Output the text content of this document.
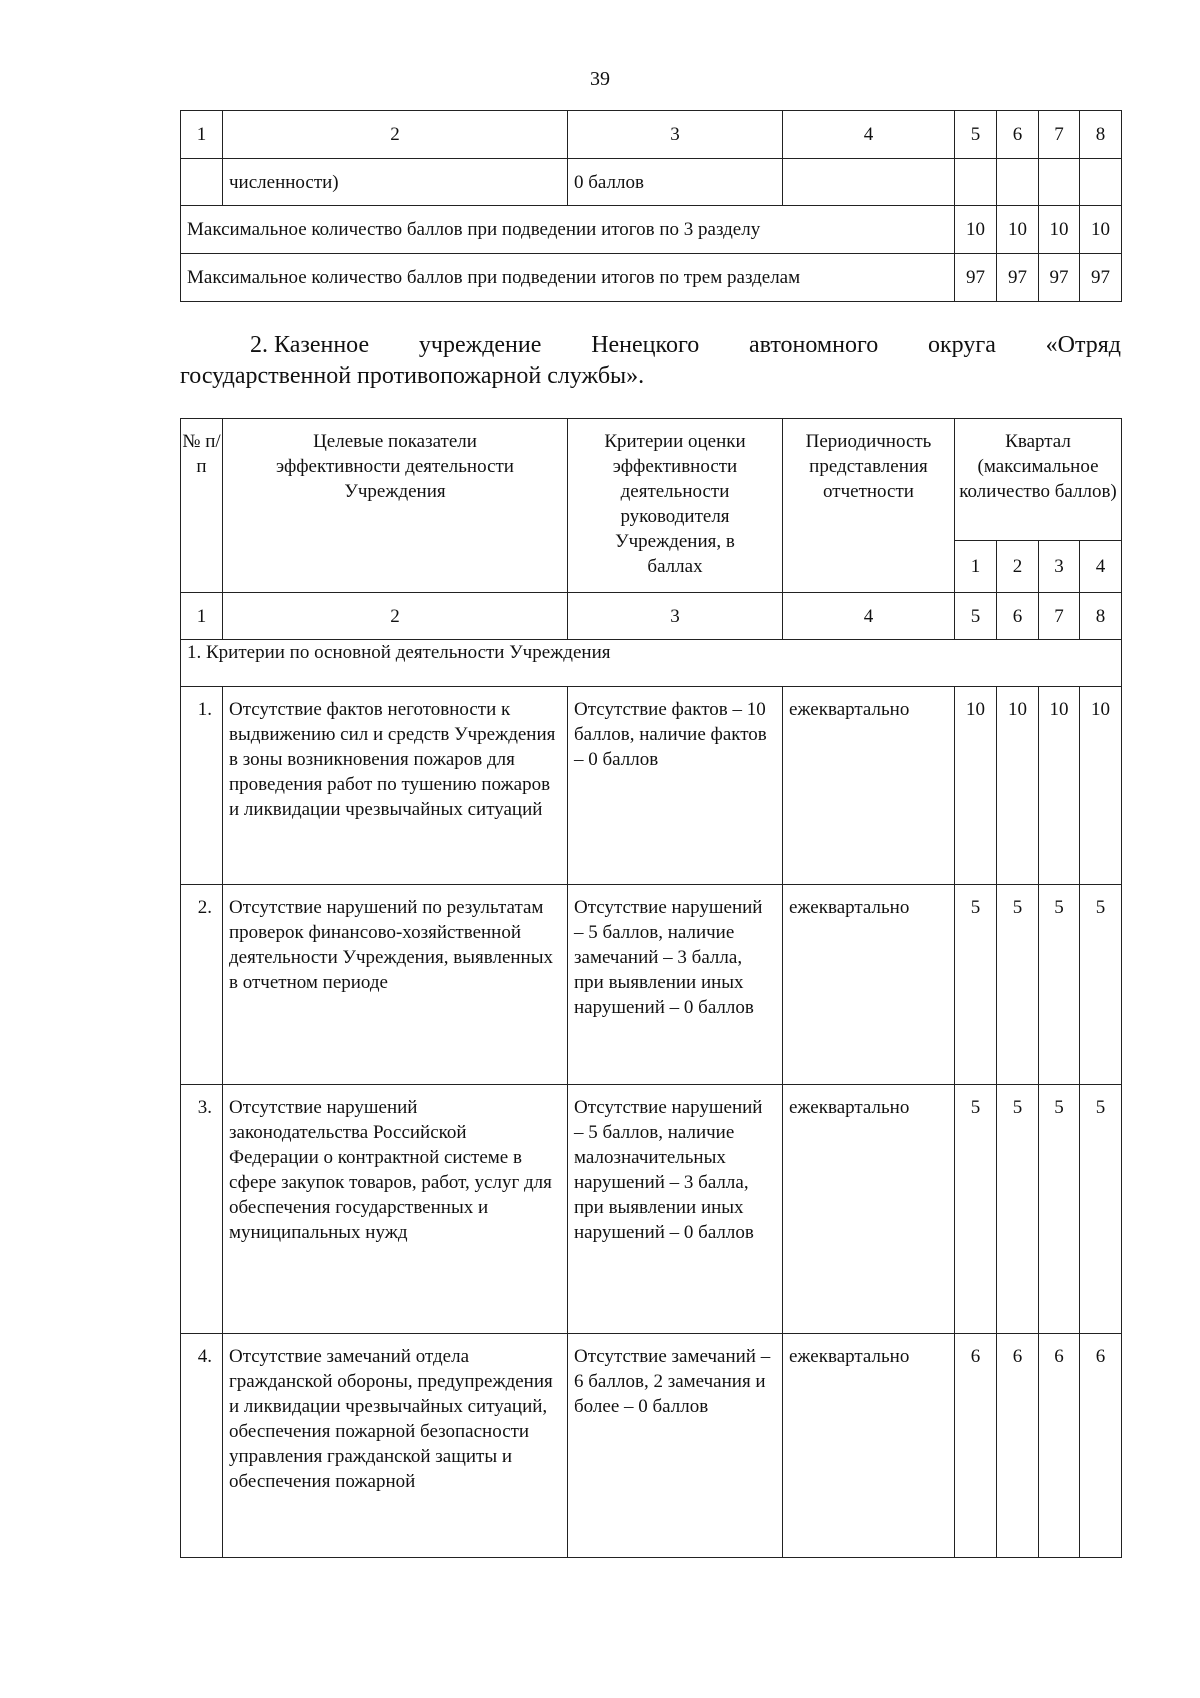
39
1	2	3	4	5	6	7	8
	численности)	0 баллов					
Максимальное количество баллов при подведении итогов по 3 разделу				10	10	10	10
Максимальное количество баллов при подведении итогов по трем разделам				97	97	97	97
2. Казенное учреждение Ненецкого автономного округа «Отряд
государственной противопожарной службы».
№ п/п	Целевые показатели эффективности деятельности Учреждения	Критерии оценки эффективности деятельности руководителя Учреждения, в баллах	Периодичность представления отчетности	Квартал (максимальное количество баллов)			
				1	2	3	4
1	2	3	4	5	6	7	8
1. Критерии по основной деятельности Учреждения							
1.	Отсутствие фактов неготовности к выдвижению сил и средств Учреждения в зоны возникновения пожаров для проведения работ по тушению пожаров и ликвидации чрезвычайных ситуаций	Отсутствие фактов – 10 баллов, наличие фактов – 0 баллов	ежеквартально	10	10	10	10
2.	Отсутствие нарушений по результатам проверок финансово-хозяйственной деятельности Учреждения, выявленных в отчетном периоде	Отсутствие нарушений – 5 баллов, наличие замечаний – 3 балла, при выявлении иных нарушений – 0 баллов	ежеквартально	5	5	5	5
3.	Отсутствие нарушений законодательства Российской Федерации о контрактной системе в сфере закупок товаров, работ, услуг для обеспечения государственных и муниципальных нужд	Отсутствие нарушений – 5 баллов, наличие малозначительных нарушений – 3 балла, при выявлении иных нарушений – 0 баллов	ежеквартально	5	5	5	5
4.	Отсутствие замечаний отдела гражданской обороны, предупреждения и ликвидации чрезвычайных ситуаций, обеспечения пожарной безопасности управления гражданской защиты и обеспечения пожарной	Отсутствие замечаний – 6 баллов, 2 замечания и более – 0 баллов	ежеквартально	6	6	6	6
